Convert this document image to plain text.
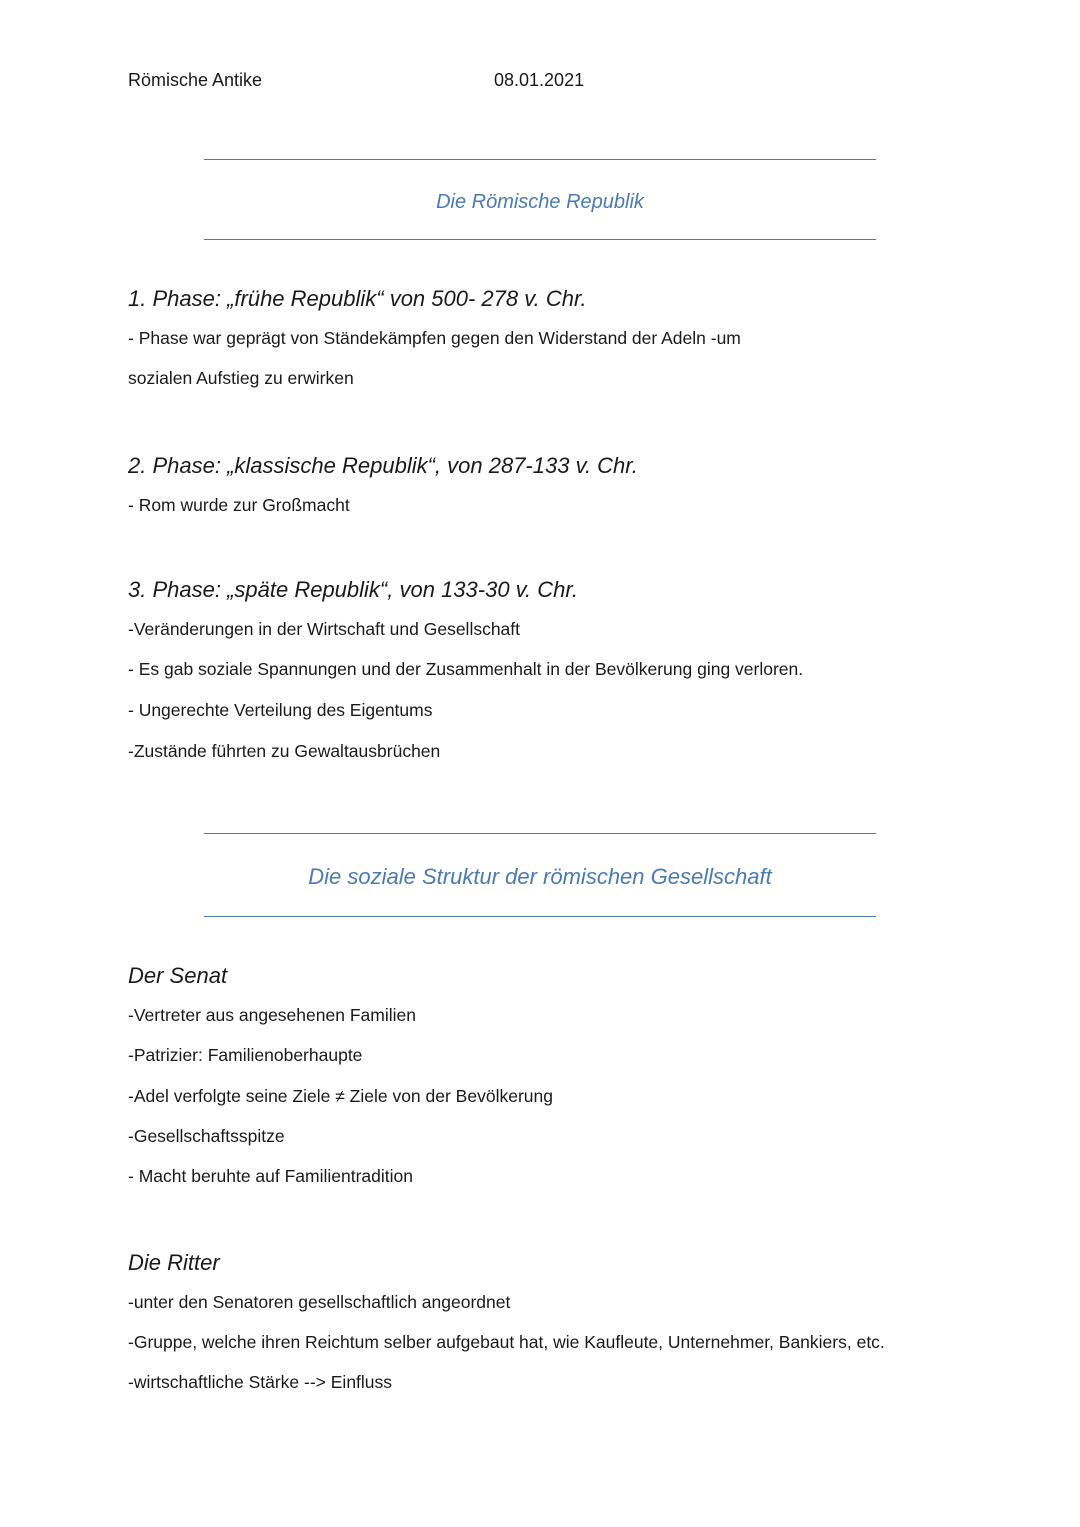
Römische Antike	08.01.2021
Die Römische Republik
1. Phase: „frühe Republik“ von 500- 278 v. Chr.
- Phase war geprägt von Ständekämpfen gegen den Widerstand der Adeln -um
sozialen Aufstieg zu erwirken
2. Phase: „klassische Republik“, von 287-133 v. Chr.
- Rom wurde zur Großmacht
3. Phase: „späte Republik“, von 133-30 v. Chr.
-Veränderungen in der Wirtschaft und Gesellschaft
- Es gab soziale Spannungen und der Zusammenhalt in der Bevölkerung ging verloren.
- Ungerechte Verteilung des Eigentums
-Zustände führten zu Gewaltausbrüchen
Die soziale Struktur der römischen Gesellschaft
Der Senat
-Vertreter aus angesehenen Familien
-Patrizier: Familienoberhaupte
-Adel verfolgte seine Ziele ≠ Ziele von der Bevölkerung
-Gesellschaftsspitze
- Macht beruhte auf Familientradition
Die Ritter
-unter den Senatoren gesellschaftlich angeordnet
-Gruppe, welche ihren Reichtum selber aufgebaut hat, wie Kaufleute, Unternehmer, Bankiers, etc.
-wirtschaftliche Stärke --> Einfluss
